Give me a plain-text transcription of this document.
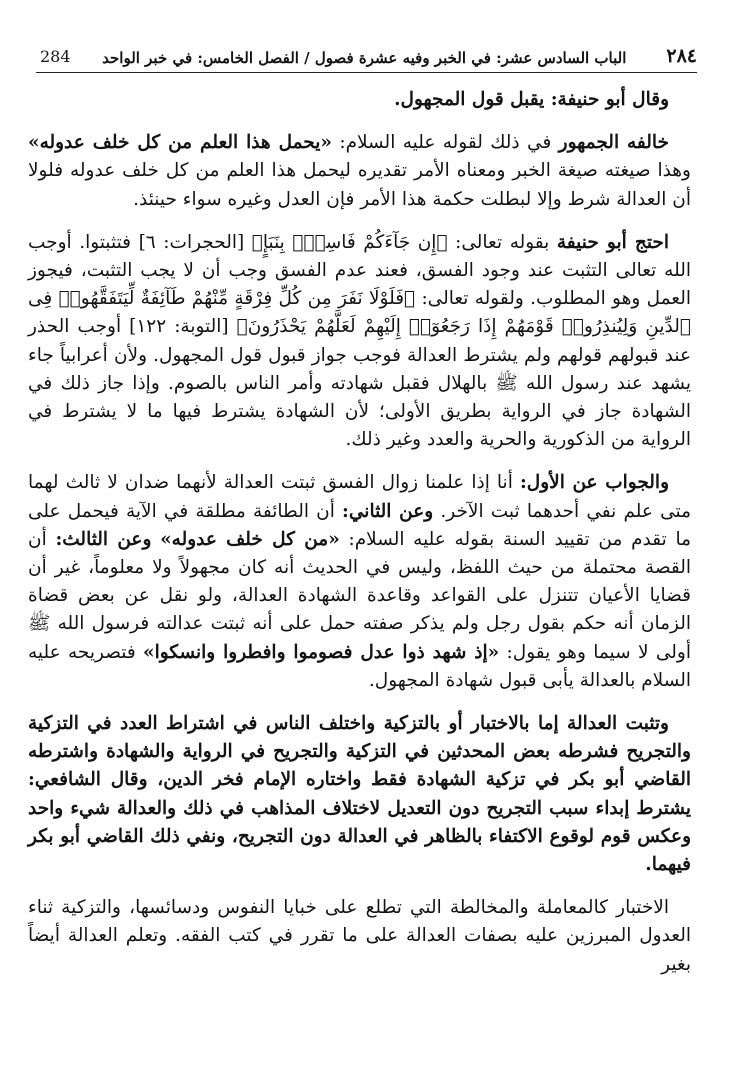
284	٢٨٤
الباب السادس عشر: في الخبر وفيه عشرة فصول / الفصل الخامس: في خبر الواحد

وقال أبو حنيفة: يقبل قول المجهول.

خالفه الجمهور في ذلك لقوله عليه السلام: «يحمل هذا العلم من كل خلف عدوله» وهذا صيغته صيغة الخبر ومعناه الأمر تقديره ليحمل هذا العلم من كل خلف عدوله فلولا أن العدالة شرط وإلا لبطلت حكمة هذا الأمر فإن العدل وغيره سواء حينئذ.

احتج أبو حنيفة بقوله تعالى: ﴿إِن جَآءَكُمْ فَاسِقٌۢ بِنَبَإٍ﴾ [الحجرات: ٦] فتثبتوا. أوجب الله تعالى التثبت عند وجود الفسق، فعند عدم الفسق وجب أن لا يجب التثبت، فيجوز العمل وهو المطلوب. ولقوله تعالى: ﴿فَلَوْلَا نَفَرَ مِن كُلِّ فِرْقَةٍ مِّنْهُمْ طَآئِفَةٌ لِّيَتَفَقَّهُوا۟ فِى ٱلدِّينِ وَلِيُنذِرُوا۟ قَوْمَهُمْ إِذَا رَجَعُوٓا۟ إِلَيْهِمْ لَعَلَّهُمْ يَحْذَرُونَ﴾ [التوبة: ١٢٢] أوجب الحذر عند قبولهم قولهم ولم يشترط العدالة فوجب جواز قبول قول المجهول. ولأن أعرابياً جاء يشهد عند رسول الله ﷺ بالهلال فقبل شهادته وأمر الناس بالصوم. وإذا جاز ذلك في الشهادة جاز في الرواية بطريق الأولى؛ لأن الشهادة يشترط فيها ما لا يشترط في الرواية من الذكورية والحرية والعدد وغير ذلك.

والجواب عن الأول: أنا إذا علمنا زوال الفسق ثبتت العدالة لأنهما ضدان لا ثالث لهما متى علم نفي أحدهما ثبت الآخر. وعن الثاني: أن الطائفة مطلقة في الآية فيحمل على ما تقدم من تقييد السنة بقوله عليه السلام: «من كل خلف عدوله» وعن الثالث: أن القصة محتملة من حيث اللفظ، وليس في الحديث أنه كان مجهولاً ولا معلوماً، غير أن قضايا الأعيان تتنزل على القواعد وقاعدة الشهادة العدالة، ولو نقل عن بعض قضاة الزمان أنه حكم بقول رجل ولم يذكر صفته حمل على أنه ثبتت عدالته فرسول الله ﷺ أولى لا سيما وهو يقول: «إذ شهد ذوا عدل فصوموا وافطروا وانسكوا» فتصريحه عليه السلام بالعدالة يأبى قبول شهادة المجهول.

وتثبت العدالة إما بالاختبار أو بالتزكية واختلف الناس في اشتراط العدد في التزكية والتجريح فشرطه بعض المحدثين في التزكية والتجريح في الرواية والشهادة واشترطه القاضي أبو بكر في تزكية الشهادة فقط واختاره الإمام فخر الدين، وقال الشافعي: يشترط إبداء سبب التجريح دون التعديل لاختلاف المذاهب في ذلك والعدالة شيء واحد وعكس قوم لوقوع الاكتفاء بالظاهر في العدالة دون التجريح، ونفي ذلك القاضي أبو بكر فيهما.

الاختبار كالمعاملة والمخالطة التي تطلع على خبايا النفوس ودسائسها، والتزكية ثناء العدول المبرزين عليه بصفات العدالة على ما تقرر في كتب الفقه. وتعلم العدالة أيضاً بغير
